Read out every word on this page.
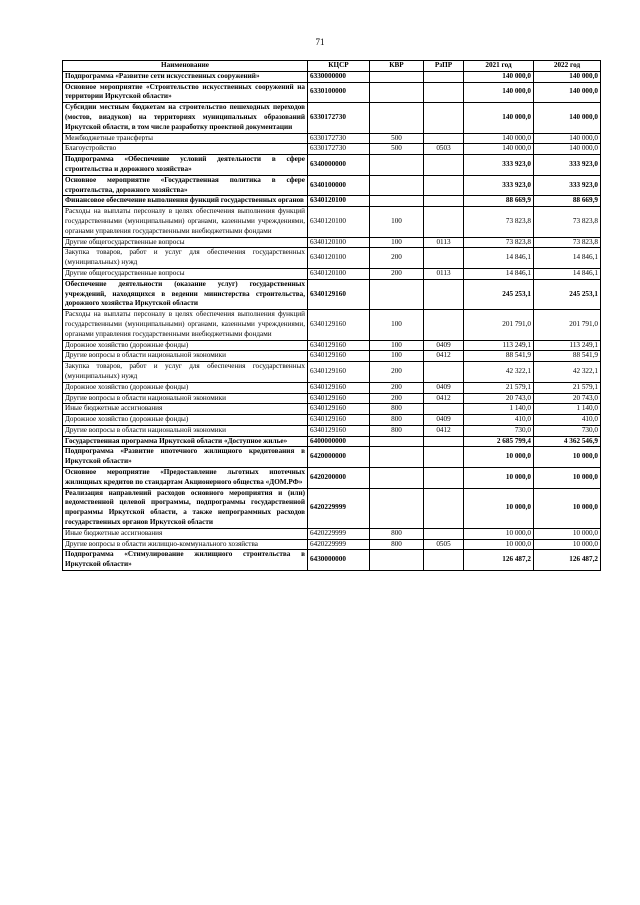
71
Наименование	КЦСР	КВР	РзПР	2021 год	2022 год
Подпрограмма «Развитие сети искусственных сооружений»	6330000000			140 000,0	140 000,0
Основное мероприятие «Строительство искусственных сооружений на территории Иркутской области»	6330100000			140 000,0	140 000,0
Субсидии местным бюджетам на строительство пешеходных переходов (мостов, виадуков) на территориях муниципальных образований Иркутской области, в том числе разработку проектной документации	6330172730			140 000,0	140 000,0
Межбюджетные трансферты	6330172730	500		140 000,0	140 000,0
Благоустройство	6330172730	500	0503	140 000,0	140 000,0
Подпрограмма «Обеспечение условий деятельности в сфере строительства и дорожного хозяйства»	6340000000			333 923,0	333 923,0
Основное мероприятие «Государственная политика в сфере строительства, дорожного хозяйства»	6340100000			333 923,0	333 923,0
Финансовое обеспечение выполнения функций государственных органов	6340120100			88 669,9	88 669,9
Расходы на выплаты персоналу в целях обеспечения выполнения функций государственными (муниципальными) органами, казенными учреждениями, органами управления государственными внебюджетными фондами	6340120100	100		73 823,8	73 823,8
Другие общегосударственные вопросы	6340120100	100	0113	73 823,8	73 823,8
Закупка товаров, работ и услуг для обеспечения государственных (муниципальных) нужд	6340120100	200		14 846,1	14 846,1
Другие общегосударственные вопросы	6340120100	200	0113	14 846,1	14 846,1
Обеспечение деятельности (оказание услуг) государственных учреждений, находящихся в ведении министерства строительства, дорожного хозяйства Иркутской области	6340129160			245 253,1	245 253,1
Расходы на выплаты персоналу в целях обеспечения выполнения функций государственными (муниципальными) органами, казенными учреждениями, органами управления государственными внебюджетными фондами	6340129160	100		201 791,0	201 791,0
Дорожное хозяйство (дорожные фонды)	6340129160	100	0409	113 249,1	113 249,1
Другие вопросы в области национальной экономики	6340129160	100	0412	88 541,9	88 541,9
Закупка товаров, работ и услуг для обеспечения государственных (муниципальных) нужд	6340129160	200		42 322,1	42 322,1
Дорожное хозяйство (дорожные фонды)	6340129160	200	0409	21 579,1	21 579,1
Другие вопросы в области национальной экономики	6340129160	200	0412	20 743,0	20 743,0
Иные бюджетные ассигнования	6340129160	800		1 140,0	1 140,0
Дорожное хозяйство (дорожные фонды)	6340129160	800	0409	410,0	410,0
Другие вопросы в области национальной экономики	6340129160	800	0412	730,0	730,0
Государственная программа Иркутской области «Доступное жилье»	6400000000			2 685 799,4	4 362 546,9
Подпрограмма «Развитие ипотечного жилищного кредитования в Иркутской области»	6420000000			10 000,0	10 000,0
Основное мероприятие «Предоставление льготных ипотечных жилищных кредитов по стандартам Акционерного общества «ДОМ.РФ»	6420200000			10 000,0	10 000,0
Реализация направлений расходов основного мероприятия и (или) ведомственной целевой программы, подпрограммы государственной программы Иркутской области, а также непрограммных расходов государственных органов Иркутской области	6420229999			10 000,0	10 000,0
Иные бюджетные ассигнования	6420229999	800		10 000,0	10 000,0
Другие вопросы в области жилищно-коммунального хозяйства	6420229999	800	0505	10 000,0	10 000,0
Подпрограмма «Стимулирование жилищного строительства в Иркутской области»	6430000000			126 487,2	126 487,2
